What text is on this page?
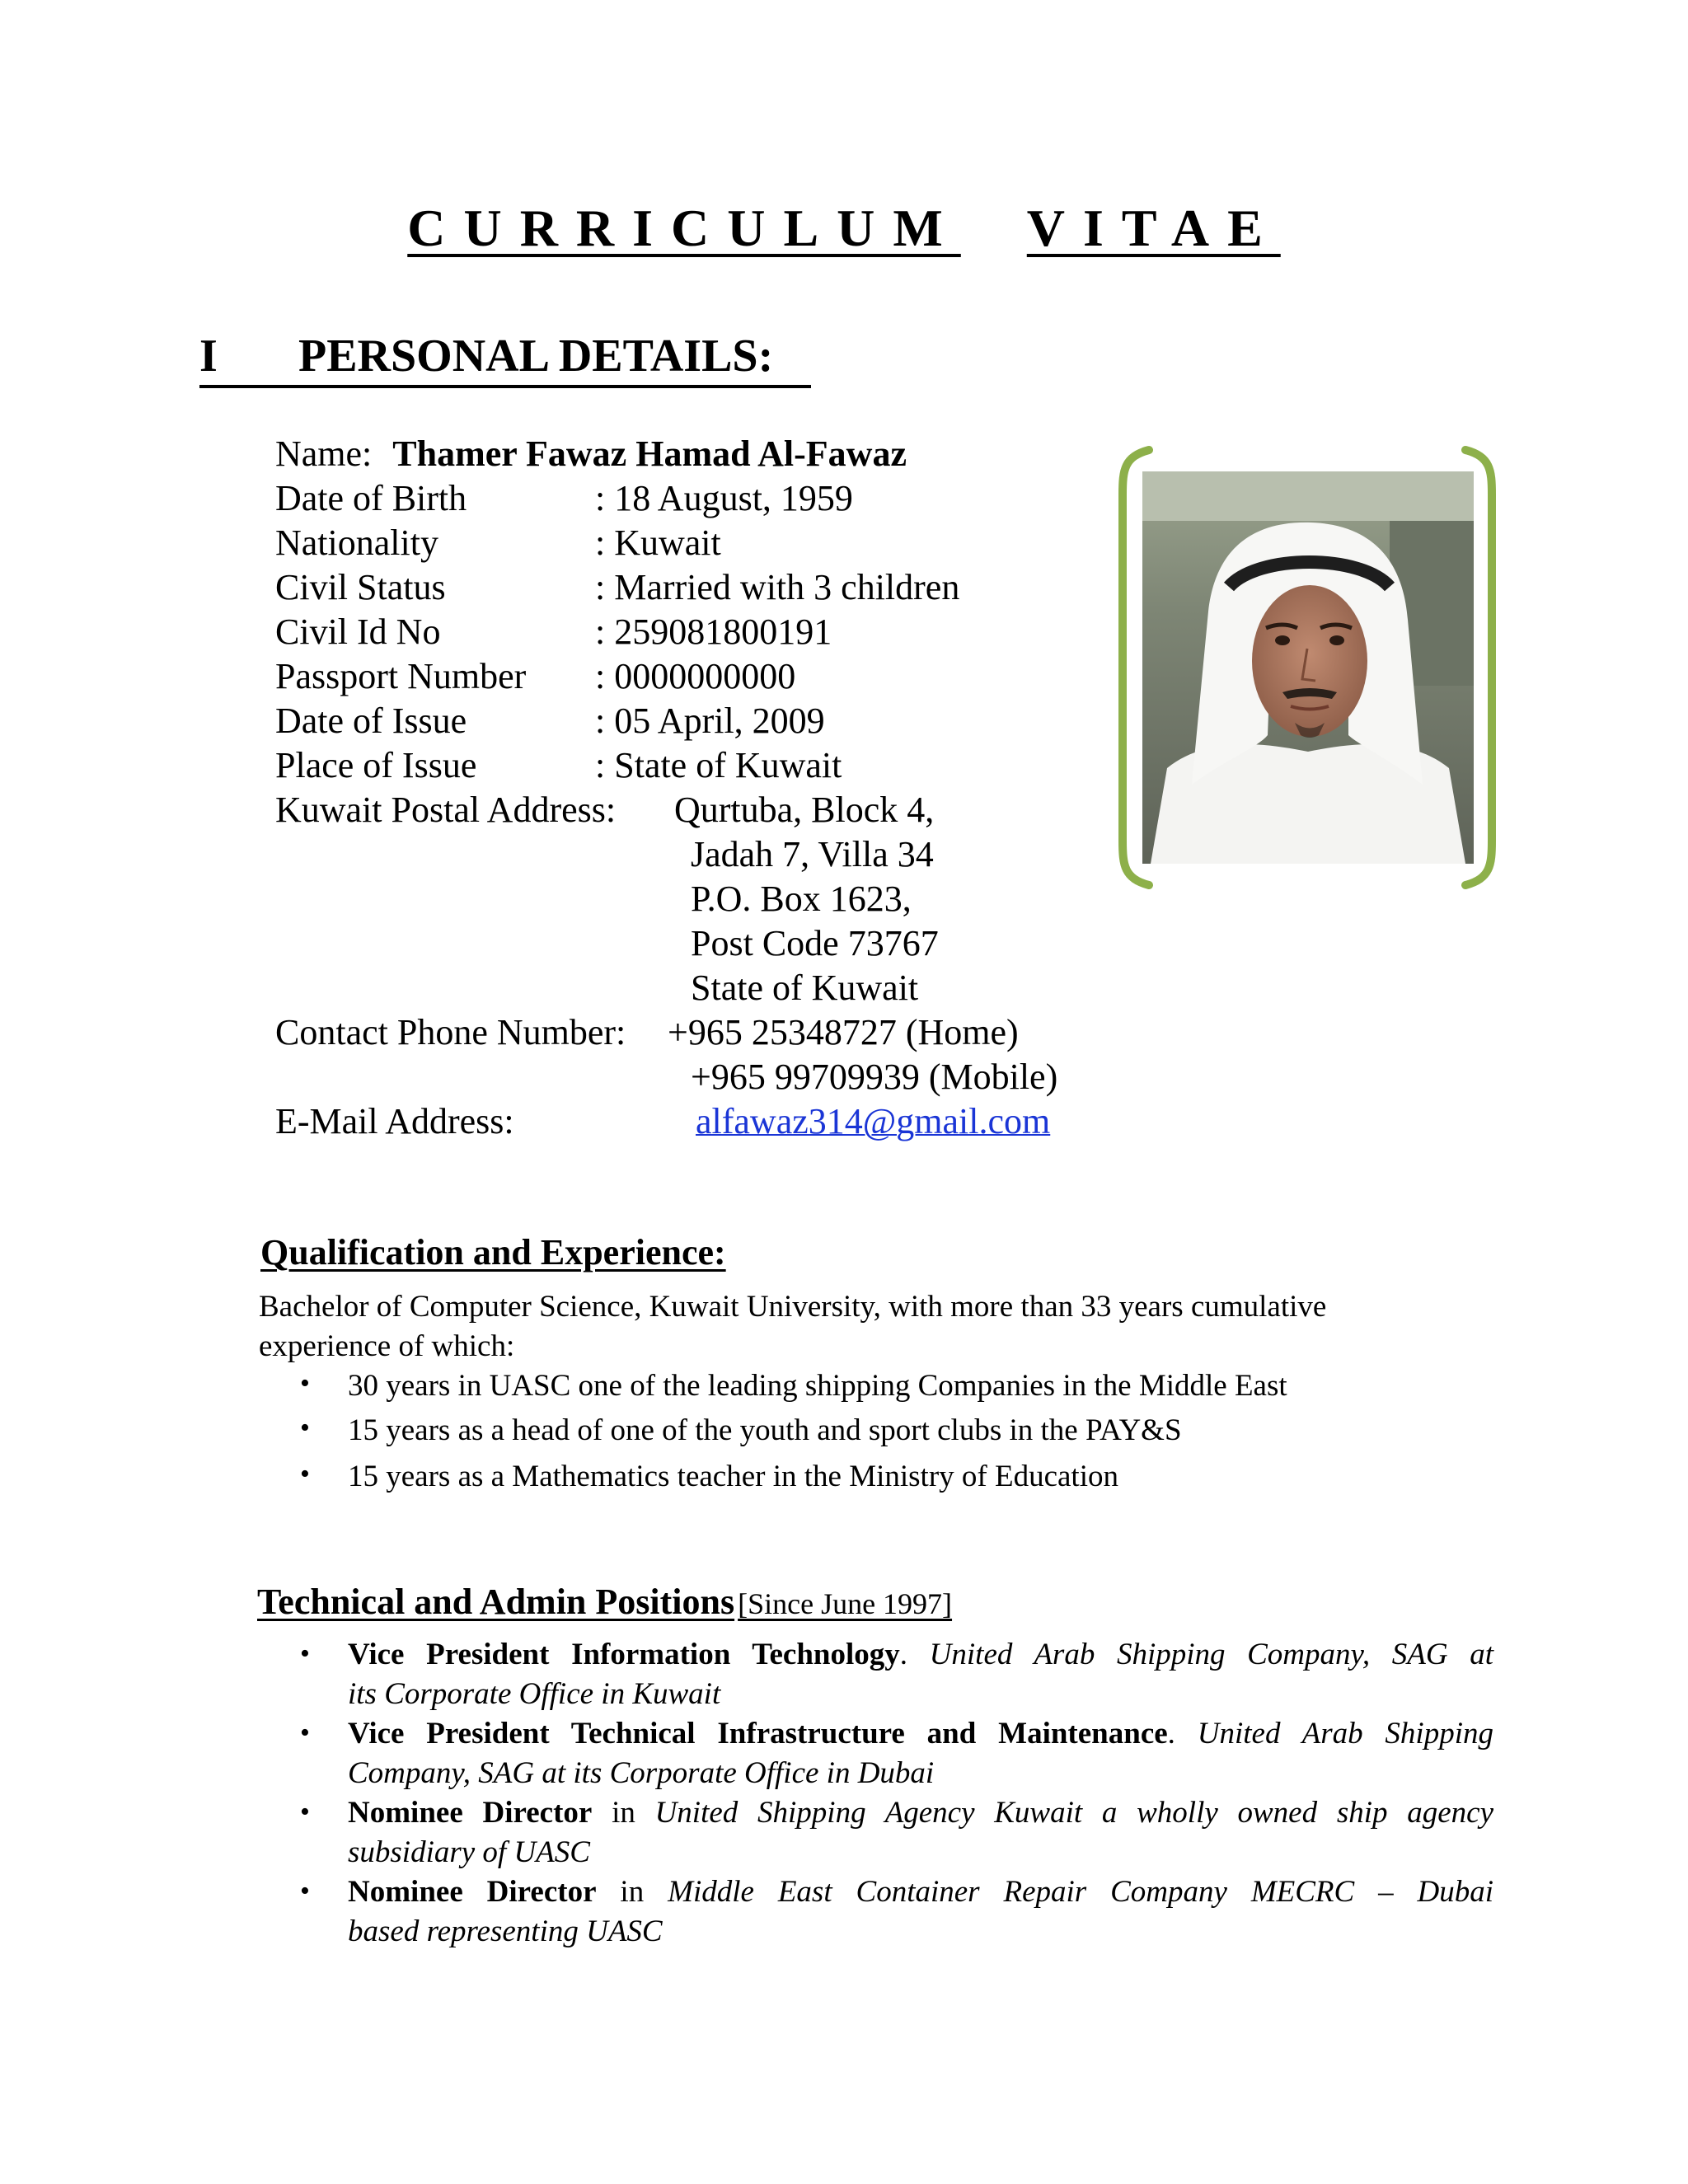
CURRICULUM VITAE
I PERSONAL DETAILS:
Name: Thamer Fawaz Hamad Al-Fawaz
Date of Birth	: 18 August, 1959
Nationality	: Kuwait
Civil Status	: Married with 3 children
Civil Id No	: 259081800191
Passport Number : 0000000000
Date of Issue	: 05 April, 2009
Place of Issue	: State of Kuwait
Kuwait Postal Address: Qurtuba, Block 4,
Jadah 7, Villa 34
P.O. Box 1623,
Post Code 73767
State of Kuwait
Contact Phone Number: +965 25348727 (Home)
+965 99709939 (Mobile)
E-Mail Address:	alfawaz314@gmail.com
Qualification and Experience:
Bachelor of Computer Science, Kuwait University, with more than 33 years cumulative
experience of which:
• 30 years in UASC one of the leading shipping Companies in the Middle East
• 15 years as a head of one of the youth and sport clubs in the PAY&S
• 15 years as a Mathematics teacher in the Ministry of Education
Technical and Admin Positions [Since June 1997]
• Vice President Information Technology. United Arab Shipping Company, SAG at
its Corporate Office in Kuwait
• Vice President Technical Infrastructure and Maintenance. United Arab Shipping
Company, SAG at its Corporate Office in Dubai
• Nominee Director in United Shipping Agency Kuwait a wholly owned ship agency
subsidiary of UASC
• Nominee Director in Middle East Container Repair Company MECRC – Dubai
based representing UASC
